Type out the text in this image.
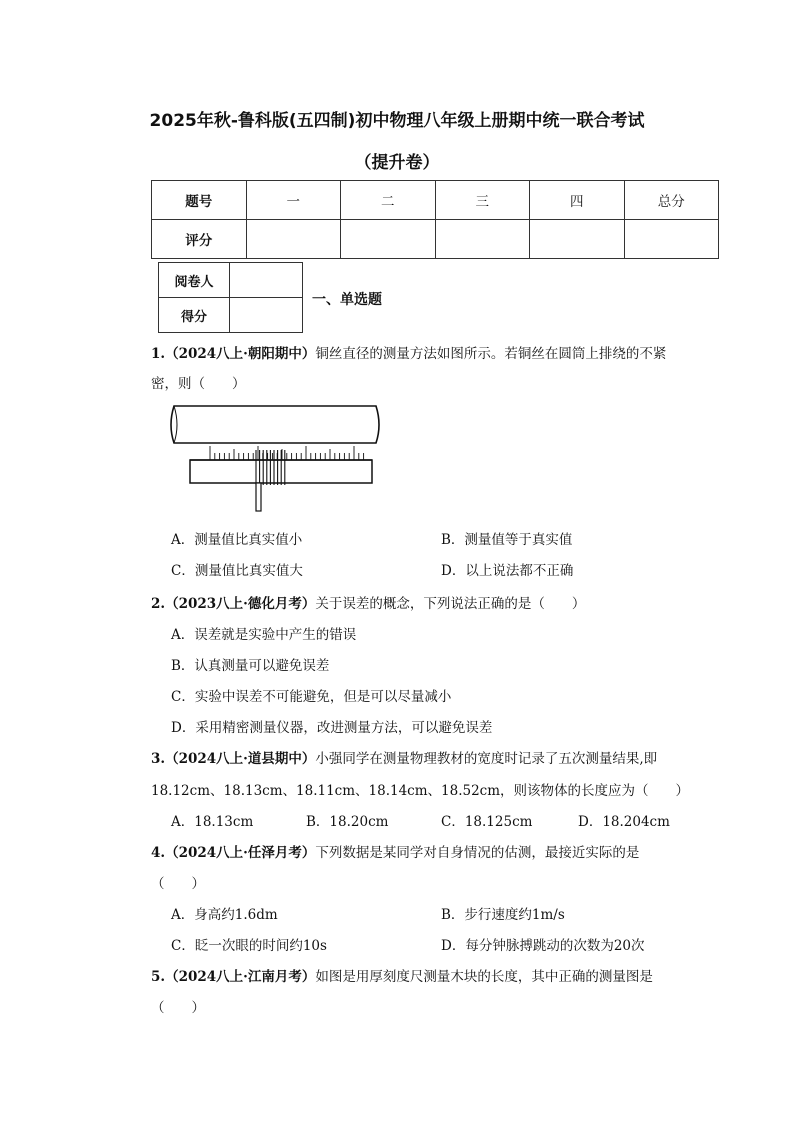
2025年秋-鲁科版(五四制)初中物理八年级上册期中统一联合考试
（提升卷）
题号	一	二	三	四	总分
评分					
阅卷人	
得分	
一、单选题
1.（2024八上·朝阳期中）铜丝直径的测量方法如图所示。若铜丝在圆筒上排绕的不紧
密，则（　　）
A．测量值比真实值小	B．测量值等于真实值
C．测量值比真实值大	D．以上说法都不正确
2.（2023八上·德化月考）关于误差的概念，下列说法正确的是（　　）
A．误差就是实验中产生的错误
B．认真测量可以避免误差
C．实验中误差不可能避免，但是可以尽量减小
D．采用精密测量仪器，改进测量方法，可以避免误差
3.（2024八上·道县期中）小强同学在测量物理教材的宽度时记录了五次测量结果,即
18.12cm、18.13cm、18.11cm、18.14cm、18.52cm，则该物体的长度应为（　　）
A．18.13cm	B．18.20cm	C．18.125cm	D．18.204cm
4.（2024八上·任泽月考）下列数据是某同学对自身情况的估测，最接近实际的是
（　　）
A．身高约1.6dm	B．步行速度约1m/s
C．眨一次眼的时间约10s	D．每分钟脉搏跳动的次数为20次
5.（2024八上·江南月考）如图是用厚刻度尺测量木块的长度，其中正确的测量图是
（　　）
